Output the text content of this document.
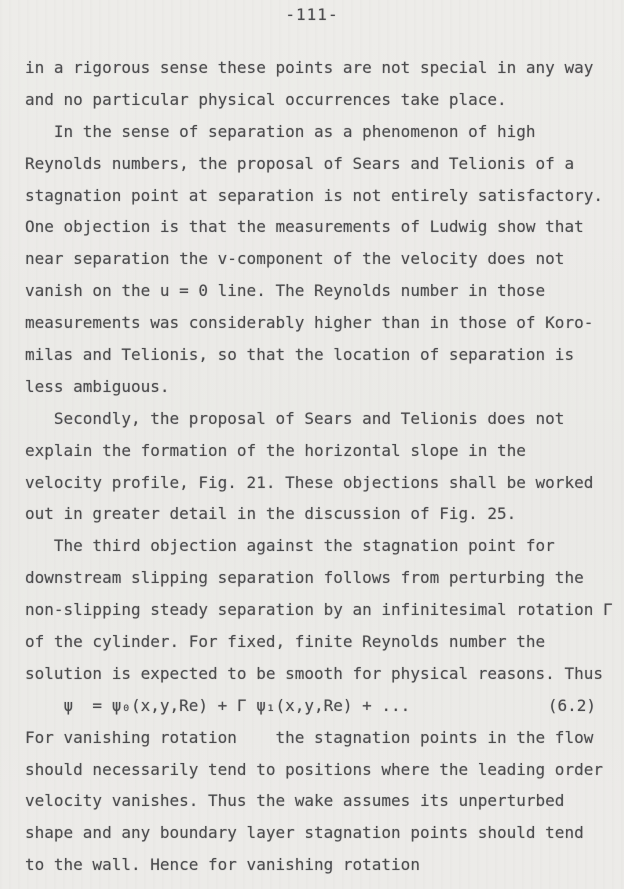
-111-
in a rigorous sense these points are not special in any way
and no particular physical occurrences take place.
In the sense of separation as a phenomenon of high
Reynolds numbers, the proposal of Sears and Telionis of a
stagnation point at separation is not entirely satisfactory.
One objection is that the measurements of Ludwig show that
near separation the v-component of the velocity does not
vanish on the u = 0 line. The Reynolds number in those
measurements was considerably higher than in those of Koro-
milas and Telionis, so that the location of separation is
less ambiguous.
Secondly, the proposal of Sears and Telionis does not
explain the formation of the horizontal slope in the
velocity profile, Fig. 21. These objections shall be worked
out in greater detail in the discussion of Fig. 25.
The third objection against the stagnation point for
downstream slipping separation follows from perturbing the
non-slipping steady separation by an infinitesimal rotation Γ
of the cylinder. For fixed, finite Reynolds number the
solution is expected to be smooth for physical reasons. Thus
ψ  = ψ₀(x,y,Re) + Γ ψ₁(x,y,Re) + ...	(6.2)
For vanishing rotation    the stagnation points in the flow
should necessarily tend to positions where the leading order
velocity vanishes. Thus the wake assumes its unperturbed
shape and any boundary layer stagnation points should tend
to the wall. Hence for vanishing rotation
